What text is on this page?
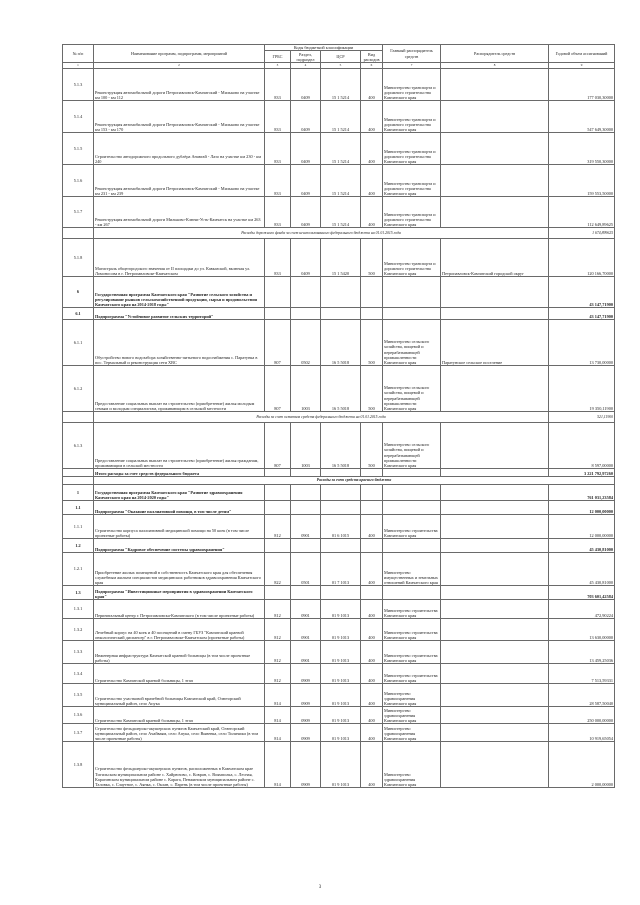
№ п/п	Наименование программ, подпрограмм, мероприятий	Коды бюджетной классификации				Главный распорядитель средств	Распорядитель средств	Годовой объем ассигнований
		ГРБС	Раздел, подраздел	ЦСР	Вид расходов			
1	2	3	4	5	6	7	8	9
5.1.3	Реконструкция автомобильной дороги Петропавловск-Камчатский - Мильково на участке км 100 - км 112	833	0409	15 1 5214	400	Министерство транспорта и дорожного строительства Камчатского края		177 030,30000
5.1.4	Реконструкция автомобильной дороги Петропавловск-Камчатский - Мильково на участке км 153 - км 170	833	0409	15 1 5214	400	Министерство транспорта и дорожного строительства Камчатского края		547 649,30000
5.1.5	Строительство автодорожного продольного дублёра Анавгай - Лазо на участке км 230 - км 240	833	0409	15 1 5214	400	Министерство транспорта и дорожного строительства Камчатского края		319 550,30000
5.1.6	Реконструкция автомобильной дороги Петропавловск-Камчатский - Мильково на участке км 231 - км 239	833	0409	15 1 5214	400	Министерство транспорта и дорожного строительства Камчатского края		159 553,50000
5.1.7	Реконструкция автомобильной дороги Мильково-Ключи-Усть-Камчатск на участке км 263 - км 267	833	0409	15 1 5214	400	Министерство транспорта и дорожного строительства Камчатского края		112 649,89625
	Расходы дорожного фонда за счет неиспользованного федерального бюджета на 01.01.2015 года							1 674,899625
5.1.8	Магистраль общегородского значения от II площадки до ул. Кавказской, включая ул. Ломоносова в г. Петропавловске-Камчатском	833	0409	15 1 5420	500	Министерство транспорта и дорожного строительства Камчатского края	Петропавловск-Камчатский городской округ	120 166,70000
6	Государственная программа Камчатского края "Развитие сельского хозяйства и регулирование рынков сельскохозяйственной продукции, сырья и продовольствия Камчатского края на 2014-2018 годы"							43 147,71900
6.1	Подпрограмма "Устойчивое развитие сельских территорий"							43 147,71900
6.1.1	Обустройство нового водозабора хозяйственно-питьевого водоснабжения с. Паратунка в пос. Термальный и реконструкция сети ХВС	807	0502	16 5 5018	500	Министерство сельского хозяйства, пищевой и перерабатывающей промышленности Камчатского края	Паратунское сельское поселение	13 730,00000
6.1.2	Предоставление социальных выплат на строительство (приобретение) жилья молодым семьям и молодым специалистам, проживающим в сельской местности	807	1003	16 5 5018	500	Министерство сельского хозяйства, пищевой и перерабатывающей промышленности Камчатского края		19 350,11900
	Расходы за счет остатков средств федерального бюджета на 01.01.2015 года							521,11900
6.1.3	Предоставление социальных выплат на строительство (приобретение) жилья гражданам, проживающим в сельской местности	807	1003	16 5 5018	500	Министерство сельского хозяйства, пищевой и перерабатывающей промышленности Камчатского края		8 597,00000
	Итого расходы за счет средств федерального бюджета							3 221 792,97260
	Расходы за счет средств краевого бюджета							
1	Государственная программа Камчатского края "Развитие здравоохранения Камчатского края на 2014-2020 годы"							761 031,23584
1.1	Подпрограмма "Оказание паллиативной помощи, в том числе детям"							12 000,00000
1.1.1	Строительство корпуса паллиативной медицинской помощи на 50 коек (в том числе проектные работы)	812	0901	01 6 1015	400	Министерство строительства Камчатского края		12 000,00000
1.2	Подпрограмма "Кадровое обеспечение системы здравоохранения"							45 430,81000
1.2.1	Приобретение жилых помещений в собственность Камчатского края для обеспечения служебным жильем специалистов медицинских работников здравоохранения Камчатского края	822	0501	01 7 1013	400	Министерство имущественных и земельных отношений Камчатского края		45 430,81000
1.3	Подпрограмма "Инвестиционные мероприятия в здравоохранении Камчатского края"							703 601,42584
1.3.1	Перинатальный центр г. Петропавловска-Камчатского (в том числе проектные работы)	812	0901	01 9 1013	400	Министерство строительства Камчатского края		472,90224
1.3.2	Лечебный корпус на 40 коек и 40 посещений в смену ГБУЗ "Камчатский краевой онкологический диспансер" в г. Петропавловске-Камчатском (проектные работы)	812	0901	01 9 1013	400	Министерство строительства Камчатского края		13 630,00000
1.3.3	Инженерная инфраструктура Камчатской краевой больницы (в том числе проектные работы)	812	0901	01 9 1013	400	Министерство строительства Камчатского края		13 459,25036
1.3.4	Строительство Камчатской краевой больницы, 1 этап	812	0909	01 9 1013	400	Министерство строительства Камчатского края		7 513,59331
1.3.5	Строительство участковой врачебной больницы Камчатский край, Олюторский муниципальный район, село Апука	814	0909	01 9 1013	400	Министерство здравоохранения Камчатского края		28 587,50040
1.3.6	Строительство Камчатской краевой больницы, 1 этап	814	0909	01 9 1013	400	Министерство здравоохранения Камчатского края		250 000,00000
1.3.7	Строительство фельдшерско-акушерских пунктов Камчатский край, Олюторский муниципальный район, село Ачайваям, село Апука, село Вывенка, село Тиличики (в том числе проектные работы)	814	0909	01 9 1013	400	Министерство здравоохранения Камчатского края		10 919,65054
1.3.8	Строительство фельдшерско-акушерских пунктов, расположенных в Камчатском крае Тигильском муниципальном районе с. Хайрюзово, с. Ковран, с. Воямполка, с. Лесная, Карагинском муниципальном районе с. Карага, Пенжинском муниципальном районе с. Таловка, с. Слаутное, с. Аянка, с. Оклан, с. Парень (в том числе проектные работы)	814	0909	01 9 1013	400	Министерство здравоохранения Камчатского края		2 000,00000
3
